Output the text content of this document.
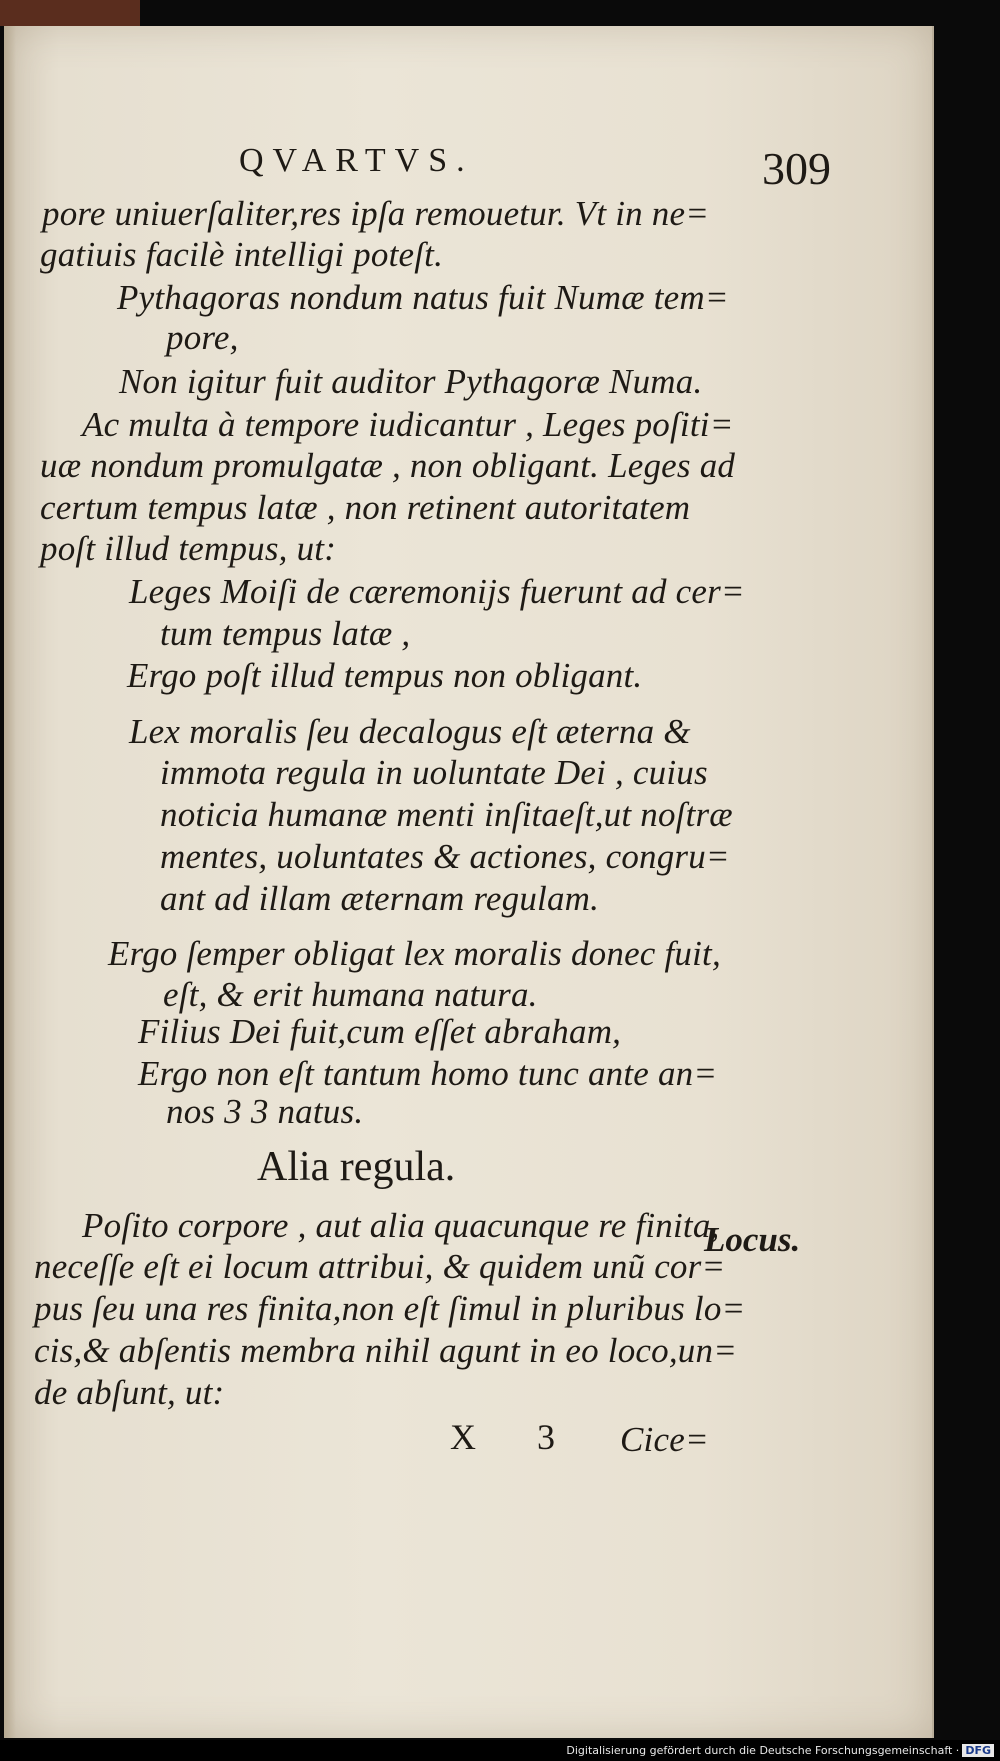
QVARTVS.	309
pore uniuerſaliter,res ipſa remouetur. Vt in ne=
gatiuis facilè intelligi poteſt.
Pythagoras nondum natus fuit Numæ tem=
pore,
Non igitur fuit auditor Pythagoræ Numa.
Ac multa à tempore iudicantur , Leges poſiti=
uæ nondum promulgatæ , non obligant. Leges ad
certum tempus latæ , non retinent autoritatem
poſt illud tempus, ut:
Leges Moiſi de cæremonijs fuerunt ad cer=
tum tempus latæ ,
Ergo poſt illud tempus non obligant.
Lex moralis ſeu decalogus eſt æterna &
immota regula in uoluntate Dei , cuius
noticia humanæ menti inſitaeſt,ut noſtræ
mentes, uoluntates & actiones, congru=
ant ad illam æternam regulam.
Ergo ſemper obligat lex moralis donec fuit,
eſt, & erit humana natura.
Filius Dei fuit,cum eſſet abraham,
Ergo non eſt tantum homo tunc ante an=
nos 3 3 natus.
Alia regula.
Poſito corpore , aut alia quacunque re finita,
Locus.
neceſſe eſt ei locum attribui, & quidem unũ cor=
pus ſeu una res finita,non eſt ſimul in pluribus lo=
cis,& abſentis membra nihil agunt in eo loco,un=
de abſunt, ut:
X 3 Cice=
Digitalisierung gefördert durch die Deutsche Forschungsgemeinschaft · DFG
